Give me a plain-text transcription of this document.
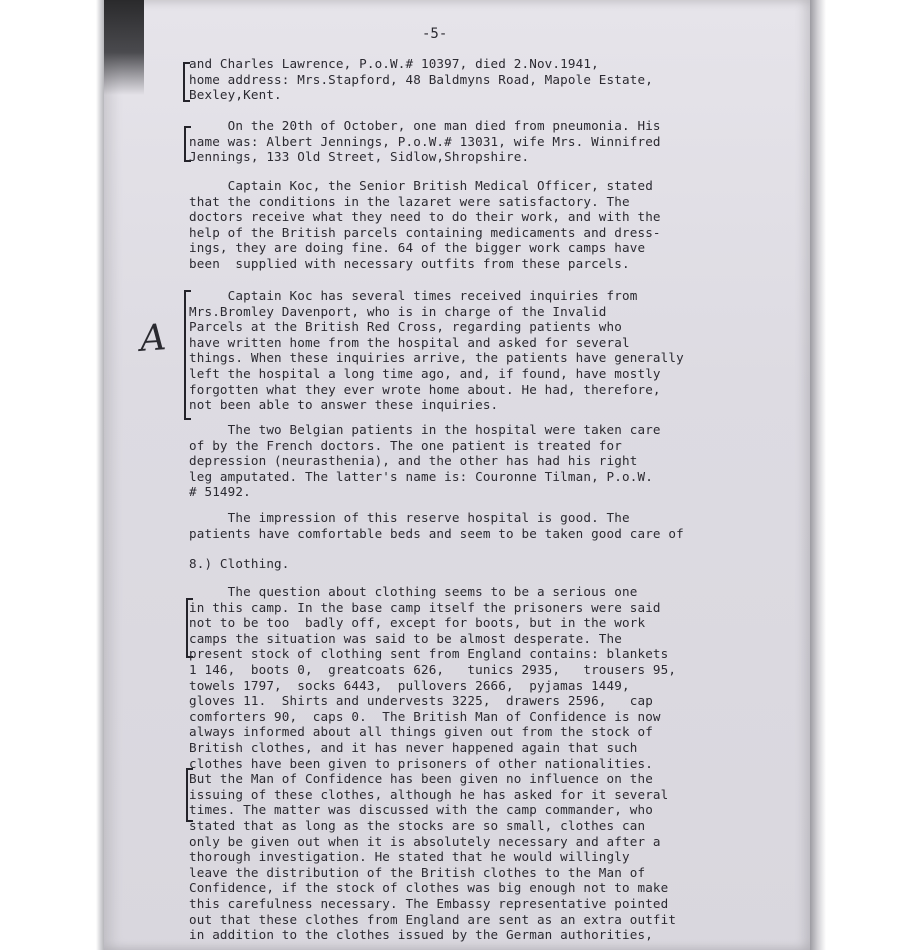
-5-
A
and Charles Lawrence, P.o.W.# 10397, died 2.Nov.1941,
home address: Mrs.Stapford, 48 Baldmyns Road, Mapole Estate,
Bexley,Kent.
On the 20th of October, one man died from pneumonia. His
name was: Albert Jennings, P.o.W.# 13031, wife Mrs. Winnifred
Jennings, 133 Old Street, Sidlow,Shropshire.
Captain Koc, the Senior British Medical Officer, stated
that the conditions in the lazaret were satisfactory. The
doctors receive what they need to do their work, and with the
help of the British parcels containing medicaments and dress-
ings, they are doing fine. 64 of the bigger work camps have
been  supplied with necessary outfits from these parcels.
Captain Koc has several times received inquiries from
Mrs.Bromley Davenport, who is in charge of the Invalid
Parcels at the British Red Cross, regarding patients who
have written home from the hospital and asked for several
things. When these inquiries arrive, the patients have generally
left the hospital a long time ago, and, if found, have mostly
forgotten what they ever wrote home about. He had, therefore,
not been able to answer these inquiries.
The two Belgian patients in the hospital were taken care
of by the French doctors. The one patient is treated for
depression (neurasthenia), and the other has had his right
leg amputated. The latter's name is: Couronne Tilman, P.o.W.
# 51492.
The impression of this reserve hospital is good. The
patients have comfortable beds and seem to be taken good care of
8.) Clothing.
The question about clothing seems to be a serious one
in this camp. In the base camp itself the prisoners were said
not to be too  badly off, except for boots, but in the work
camps the situation was said to be almost desperate. The
present stock of clothing sent from England contains: blankets
1 146,  boots 0,  greatcoats 626,   tunics 2935,   trousers 95,
towels 1797,  socks 6443,  pullovers 2666,  pyjamas 1449,
gloves 11.  Shirts and undervests 3225,  drawers 2596,   cap
comforters 90,  caps 0.  The British Man of Confidence is now
always informed about all things given out from the stock of
British clothes, and it has never happened again that such
clothes have been given to prisoners of other nationalities.
But the Man of Confidence has been given no influence on the
issuing of these clothes, although he has asked for it several
times. The matter was discussed with the camp commander, who
stated that as long as the stocks are so small, clothes can
only be given out when it is absolutely necessary and after a
thorough investigation. He stated that he would willingly
leave the distribution of the British clothes to the Man of
Confidence, if the stock of clothes was big enough not to make
this carefulness necessary. The Embassy representative pointed
out that these clothes from England are sent as an extra outfit
in addition to the clothes issued by the German authorities,
